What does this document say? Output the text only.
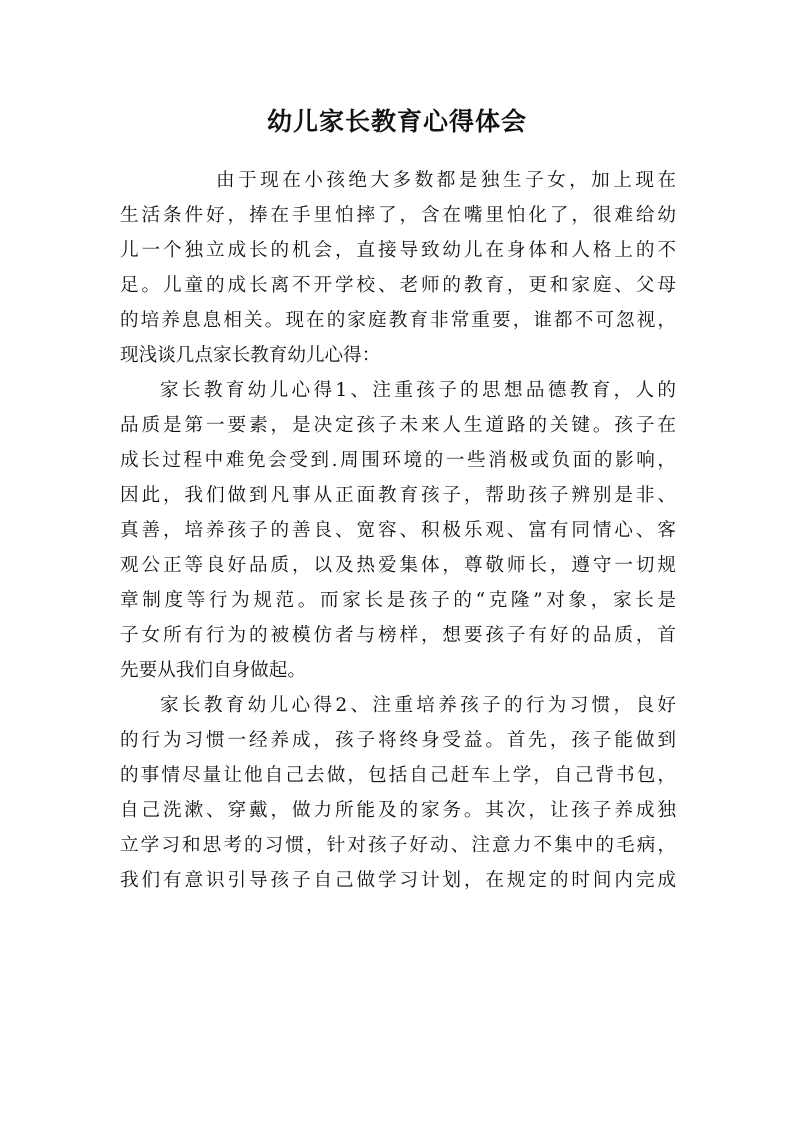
幼儿家长教育心得体会
由于现在小孩绝大多数都是独生子女，加上现在
生活条件好，捧在手里怕摔了，含在嘴里怕化了，很难给幼
儿一个独立成长的机会，直接导致幼儿在身体和人格上的不
足。儿童的成长离不开学校、老师的教育，更和家庭、父母
的培养息息相关。现在的家庭教育非常重要，谁都不可忽视，
现浅谈几点家长教育幼儿心得：
家长教育幼儿心得1、注重孩子的思想品德教育，人的
品质是第一要素，是决定孩子未来人生道路的关键。孩子在
成长过程中难免会受到.周围环境的一些消极或负面的影响，
因此，我们做到凡事从正面教育孩子，帮助孩子辨别是非、
真善，培养孩子的善良、宽容、积极乐观、富有同情心、客
观公正等良好品质，以及热爱集体，尊敬师长，遵守一切规
章制度等行为规范。而家长是孩子的“克隆”对象，家长是
子女所有行为的被模仿者与榜样，想要孩子有好的品质，首
先要从我们自身做起。
家长教育幼儿心得2、注重培养孩子的行为习惯，良好
的行为习惯一经养成，孩子将终身受益。首先，孩子能做到
的事情尽量让他自己去做，包括自己赶车上学，自己背书包，
自己洗漱、穿戴，做力所能及的家务。其次，让孩子养成独
立学习和思考的习惯，针对孩子好动、注意力不集中的毛病，
我们有意识引导孩子自己做学习计划，在规定的时间内完成
